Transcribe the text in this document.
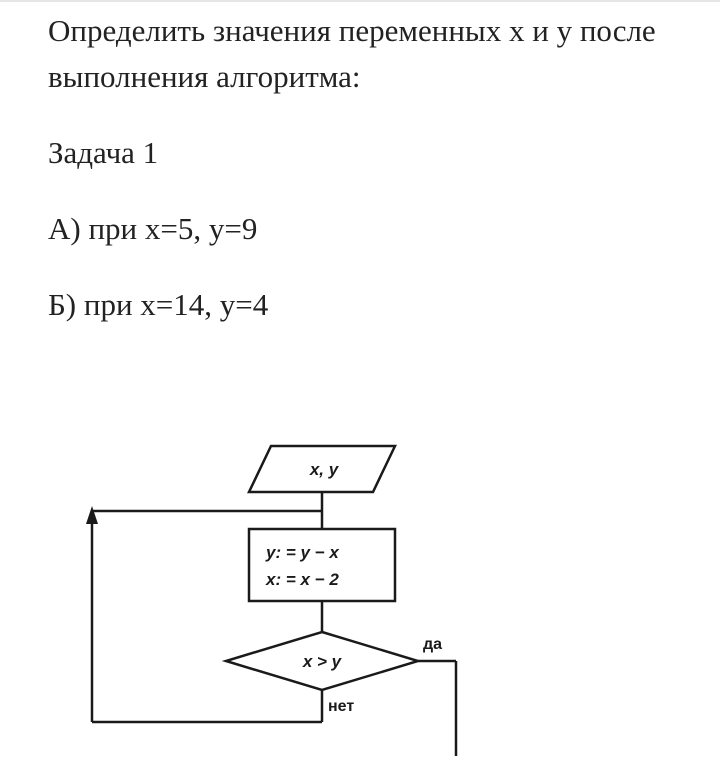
Определить значения переменных x и y после выполнения алгоритма:

Задача 1

А) при x=5, y=9

Б) при x=14, y=4

x, y
y: = y − x
x: = x − 2
x > y
да
нет
